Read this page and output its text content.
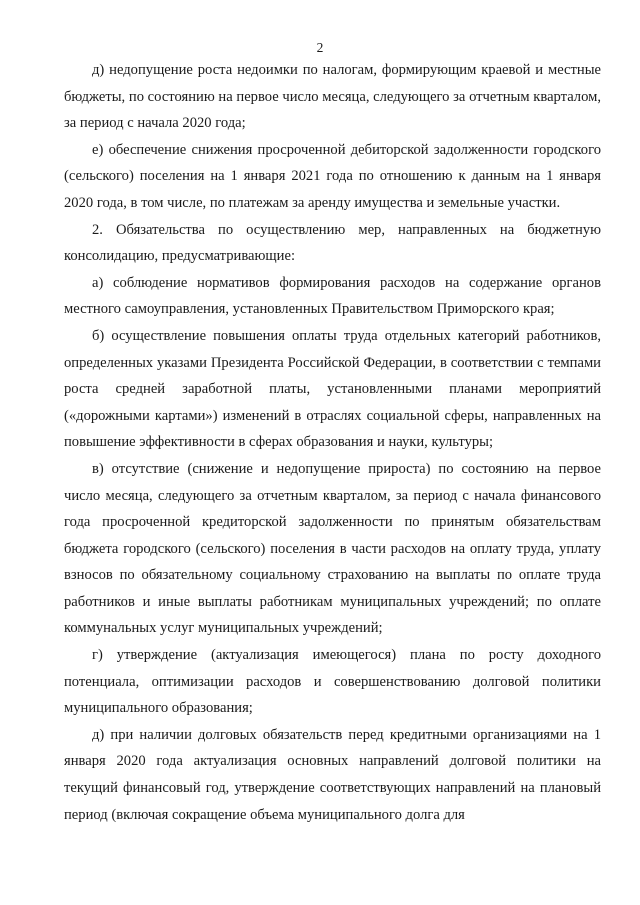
2

д) недопущение роста недоимки по налогам, формирующим краевой и местные бюджеты, по состоянию на первое число месяца, следующего за отчетным кварталом, за период с начала 2020 года;

е) обеспечение снижения просроченной дебиторской задолженности городского (сельского) поселения на 1 января 2021 года по отношению к данным на 1 января 2020 года, в том числе, по платежам за аренду имущества и земельные участки.

2. Обязательства по осуществлению мер, направленных на бюджетную консолидацию, предусматривающие:

а) соблюдение нормативов формирования расходов на содержание органов местного самоуправления, установленных Правительством Приморского края;

б) осуществление повышения оплаты труда отдельных категорий работников, определенных указами Президента Российской Федерации, в соответствии с темпами роста средней заработной платы, установленными планами мероприятий («дорожными картами») изменений в отраслях социальной сферы, направленных на повышение эффективности в сферах образования и науки, культуры;

в) отсутствие (снижение и недопущение прироста) по состоянию на первое число месяца, следующего за отчетным кварталом, за период с начала финансового года просроченной кредиторской задолженности по принятым обязательствам бюджета городского (сельского) поселения в части расходов на оплату труда, уплату взносов по обязательному социальному страхованию на выплаты по оплате труда работников и иные выплаты работникам муниципальных учреждений; по оплате коммунальных услуг муниципальных учреждений;

г) утверждение (актуализация имеющегося) плана по росту доходного потенциала, оптимизации расходов и совершенствованию долговой политики муниципального образования;

д) при наличии долговых обязательств перед кредитными организациями на 1 января 2020 года актуализация основных направлений долговой политики на текущий финансовый год, утверждение соответствующих направлений на плановый период (включая сокращение объема муниципального долга для
